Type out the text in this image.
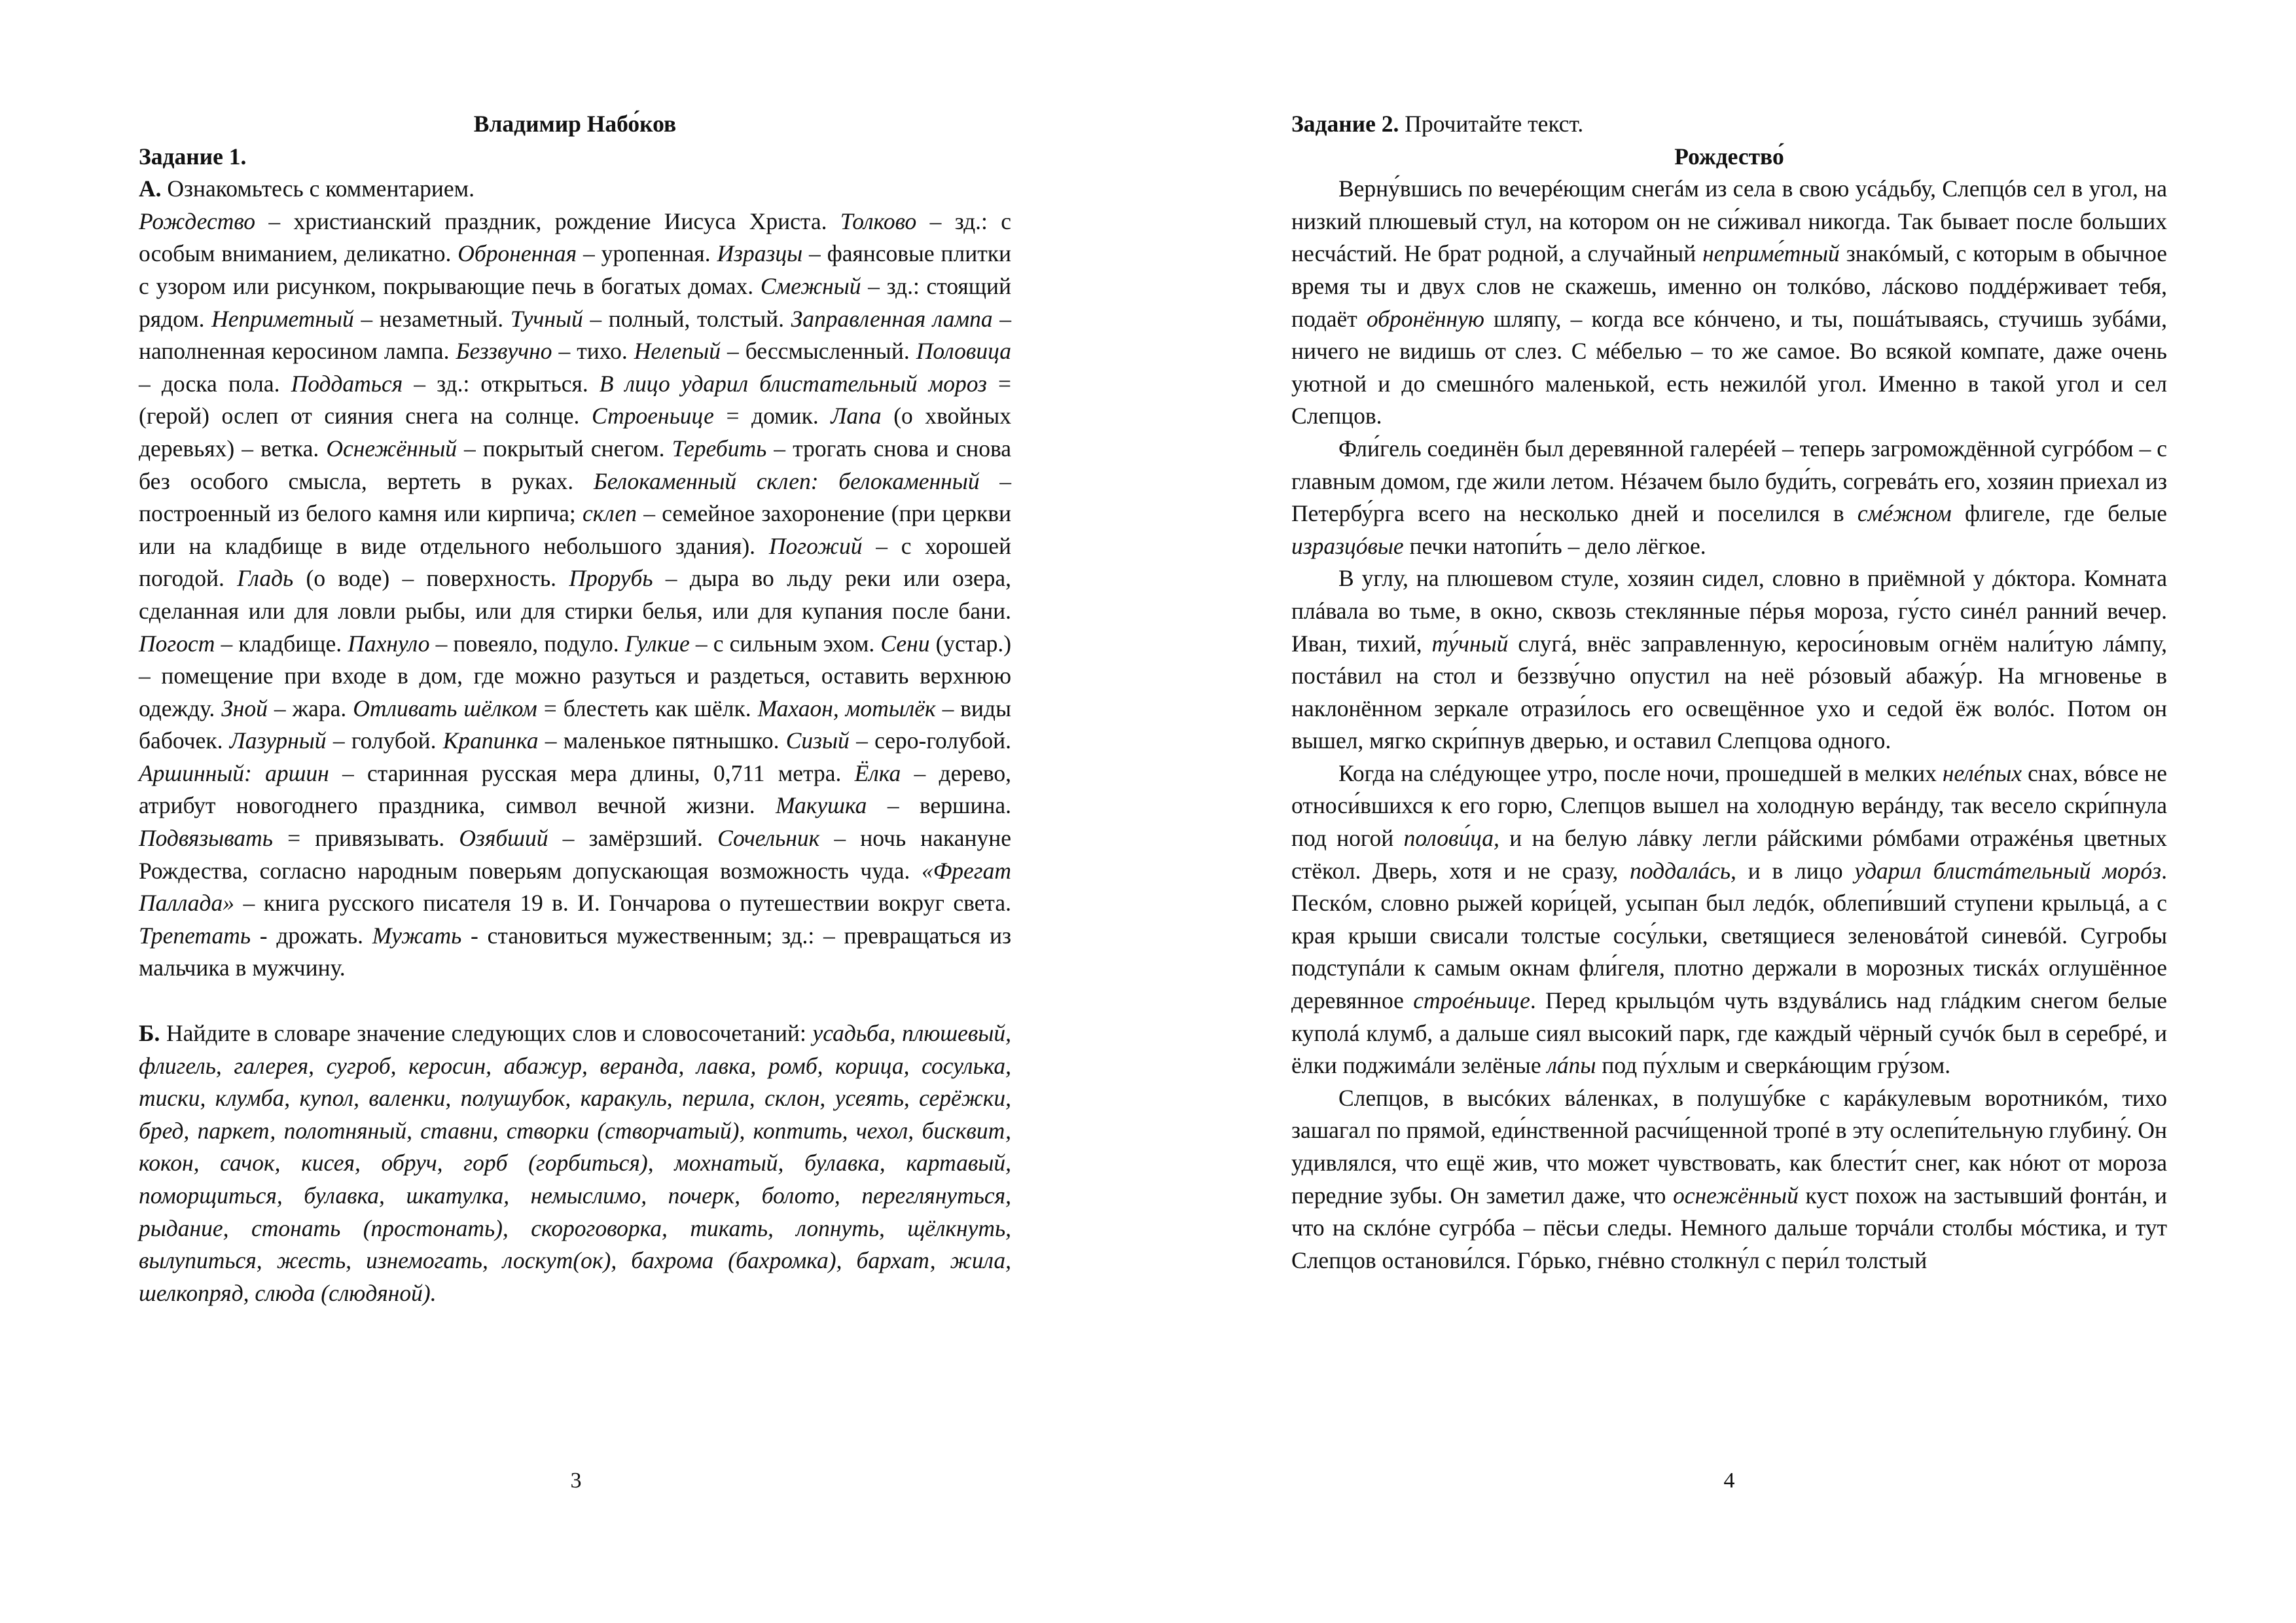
Владимир Набо́ков

Задание 1.

А. Ознакомьтесь с комментарием.

Рождество – христианский праздник, рождение Иисуса Христа. Толково – зд.: с особым вниманием, деликатно. Оброненная – уропенная. Изразцы – фаянсовые плитки с узором или рисунком, покрывающие печь в богатых домах. Смежный – зд.: стоящий рядом. Неприметный – незаметный. Тучный – полный, толстый. Заправленная лампа – наполненная керосином лампа. Беззвучно – тихо. Нелепый – бессмысленный. Половица – доска пола. Поддаться – зд.: открыться. В лицо ударил блистательный мороз = (герой) ослеп от сияния снега на солнце. Строеньице = домик. Лапа (о хвойных деревьях) – ветка. Оснежённый – покрытый снегом. Теребить – трогать снова и снова без особого смысла, вертеть в руках. Белокаменный склеп: белокаменный – построенный из белого камня или кирпича; склеп – семейное захоронение (при церкви или на кладбище в виде отдельного небольшого здания). Погожий – с хорошей погодой. Гладь (о воде) – поверхность. Прорубь – дыра во льду реки или озера, сделанная или для ловли рыбы, или для стирки белья, или для купания после бани. Погост – кладбище. Пахнуло – повеяло, подуло. Гулкие – с сильным эхом. Сени (устар.) – помещение при входе в дом, где можно разуться и раздеться, оставить верхнюю одежду. Зной – жара. Отливать шёлком = блестеть как шёлк. Махаон, мотылёк – виды бабочек. Лазурный – голубой. Крапинка – маленькое пятнышко. Сизый – серо-голубой. Аршинный: аршин – старинная русская мера длины, 0,711 метра. Ёлка – дерево, атрибут новогоднего праздника, символ вечной жизни. Макушка – вершина. Подвязывать = привязывать. Озябший – замёрзший. Сочельник – ночь накануне Рождества, согласно народным поверьям допускающая возможность чуда. «Фрегат Паллада» – книга русского писателя 19 в. И. Гончарова о путешествии вокруг света. Трепетать - дрожать. Мужать - становиться мужественным; зд.: – превращаться из мальчика в мужчину.

Б. Найдите в словаре значение следующих слов и словосочетаний: усадьба, плюшевый, флигель, галерея, сугроб, керосин, абажур, веранда, лавка, ромб, корица, сосулька, тиски, клумба, купол, валенки, полушубок, каракуль, перила, склон, усеять, серёжки, бред, паркет, полотняный, ставни, створки (створчатый), коптить, чехол, бисквит, кокон, сачок, кисея, обруч, горб (горбиться), мохнатый, булавка, картавый, поморщиться, булавка, шкатулка, немыслимо, почерк, болото, переглянуться, рыдание, стонать (простонать), скороговорка, тикать, лопнуть, щёлкнуть, вылупиться, жесть, изнемогать, лоскут(ок), бахрома (бахромка), бархат, жила, шелкопряд, слюда (слюдяной).

3

Задание 2. Прочитайте текст.

Рождество́

Верну́вшись по вечерéющим снегáм из села в свою усáдьбу, Слепцóв сел в угол, на низкий плюшевый стул, на котором он не си́живал никогда. Так бывает после больших несчáстий. Не брат родной, а случайный неприме́тный знакóмый, с которым в обычное время ты и двух слов не скажешь, именно он толкóво, лáсково поддéрживает тебя, подаёт обронённую шляпу, – когда все кóнчено, и ты, пошáтываясь, стучишь зубáми, ничего не видишь от слез. С мéбелью – то же самое. Во всякой компате, даже очень уютной и до смешнóго маленькой, есть нежилóй угол. Именно в такой угол и сел Слепцов.

Фли́гель соединён был деревянной галерéей – теперь загромождённой сугрóбом – с главным домом, где жили летом. Нéзачем было буди́ть, согревáть его, хозяин приехал из Петербу́рга всего на несколько дней и поселился в смéжном флигеле, где белые изразцóвые печки натопи́ть – дело лёгкое.

В углу, на плюшевом стуле, хозяин сидел, словно в приёмной у дóктора. Комната плáвала во тьме, в окно, сквозь стеклянные пéрья мороза, гу́сто синéл ранний вечер. Иван, тихий, ту́чный слугá, внёс заправленную, кероси́новым огнём нали́тую лáмпу, постáвил на стол и беззву́чно опустил на неё рóзовый абажу́р. На мгновенье в наклонённом зеркале отрази́лось его освещённое ухо и седой ёж волóс. Потом он вышел, мягко скри́пнув дверью, и оставил Слепцова одного.

Когда на слéдующее утро, после ночи, прошедшей в мелких нелéпых снах, вóвсе не относи́вшихся к его горю, Слепцов вышел на холодную верáнду, так весело скри́пнула под ногой полови́ца, и на белую лáвку легли рáйскими рóмбами отражéнья цветных стёкол. Дверь, хотя и не сразу, поддалáсь, и в лицо ударил блистáтельный морóз. Пескóм, словно рыжей кори́цей, усыпан был ледóк, облепи́вший ступени крыльцá, а с края крыши свисали толстые сосу́льки, светящиеся зеленовáтой синевóй. Сугробы подступáли к самым окнам фли́геля, плотно держали в морозных тискáх оглушённое деревянное строéньице. Перед крыльцóм чуть вздувáлись над глáдким снегом белые куполá клумб, а дальше сиял высокий парк, где каждый чёрный сучóк был в серебрé, и ёлки поджимáли зелёные лáпы под пу́хлым и сверкáющим гру́зом.

Слепцов, в высóких вáленках, в полушу́бке с карáкулевым воротникóм, тихо зашагал по прямой, еди́нственной расчи́щенной тропé в эту ослепи́тельную глубину́. Он удивлялся, что ещё жив, что может чувствовать, как блести́т снег, как нóют от мороза передние зубы. Он заметил даже, что оснежённый куст похож на застывший фонтáн, и что на склóне сугрóба – пёсьи следы. Немного дальше торчáли столбы мóстика, и тут Слепцов останови́лся. Гóрько, гнéвно столкну́л с пери́л толстый

4
